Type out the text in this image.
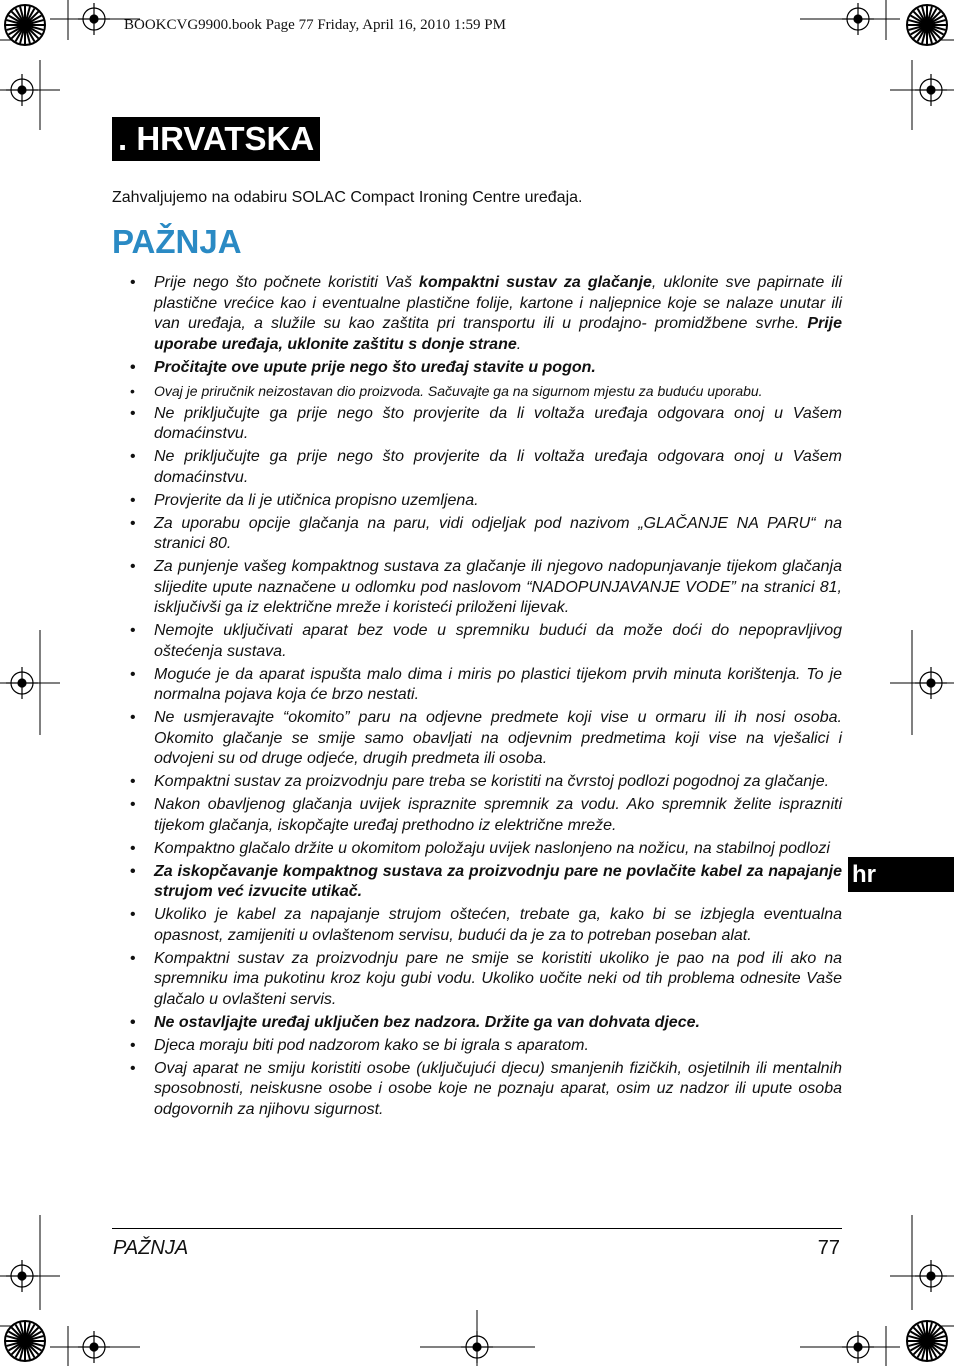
BOOKCVG9900.book Page 77 Friday, April 16, 2010 1:59 PM
. HRVATSKA
Zahvaljujemo na odabiru SOLAC Compact Ironing Centre uređaja.
PAŽNJA
• Prije nego što počnete koristiti Vaš kompaktni sustav za glačanje, uklonite sve papirnate ili plastične vrećice kao i eventualne plastične folije, kartone i naljepnice koje se nalaze unutar ili van uređaja, a služile su kao zaštita pri transportu ili u prodajno- promidžbene svrhe. Prije uporabe uređaja, uklonite zaštitu s donje strane.
• Pročitajte ove upute prije nego što uređaj stavite u pogon.
• Ovaj je priručnik neizostavan dio proizvoda. Sačuvajte ga na sigurnom mjestu za buduću uporabu.
• Ne priključujte ga prije nego što provjerite da li voltaža uređaja odgovara onoj u Vašem domaćinstvu.
• Ne priključujte ga prije nego što provjerite da li voltaža uređaja odgovara onoj u Vašem domaćinstvu.
• Provjerite da li je utičnica propisno uzemljena.
• Za uporabu opcije glačanja na paru, vidi odjeljak pod nazivom „GLAČANJE NA PARU“ na stranici 80.
• Za punjenje vašeg kompaktnog sustava za glačanje ili njegovo nadopunjavanje tijekom glačanja slijedite upute naznačene u odlomku pod naslovom “NADOPUNJAVANJE VODE” na stranici 81, isključivši ga iz električne mreže i koristeći priloženi lijevak.
• Nemojte uključivati aparat bez vode u spremniku budući da može doći do nepopravljivog oštećenja sustava.
• Moguće je da aparat ispušta malo dima i miris po plastici tijekom prvih minuta korištenja. To je normalna pojava koja će brzo nestati.
• Ne usmjeravajte “okomito” paru na odjevne predmete koji vise u ormaru ili ih nosi osoba. Okomito glačanje se smije samo obavljati na odjevnim predmetima koji vise na vješalici i odvojeni su od druge odjeće, drugih predmeta ili osoba.
• Kompaktni sustav za proizvodnju pare treba se koristiti na čvrstoj podlozi pogodnoj za glačanje.
• Nakon obavljenog glačanja uvijek ispraznite spremnik za vodu. Ako spremnik želite isprazniti tijekom glačanja, iskopčajte uređaj prethodno iz električne mreže.
• Kompaktno glačalo držite u okomitom položaju uvijek naslonjeno na nožicu, na stabilnoj podlozi
• Za iskopčavanje kompaktnog sustava za proizvodnju pare ne povlačite kabel za napajanje strujom već izvucite utikač.
• Ukoliko je kabel za napajanje strujom oštećen, trebate ga, kako bi se izbjegla eventualna opasnost, zamijeniti u ovlaštenom servisu, budući da je za to potreban poseban alat.
• Kompaktni sustav za proizvodnju pare ne smije se koristiti ukoliko je pao na pod ili ako na spremniku ima pukotinu kroz koju gubi vodu. Ukoliko uočite neki od tih problema odnesite Vaše glačalo u ovlašteni servis.
• Ne ostavljajte uređaj uključen bez nadzora. Držite ga van dohvata djece.
• Djeca moraju biti pod nadzorom kako se bi igrala s aparatom.
• Ovaj aparat ne smiju koristiti osobe (uključujući djecu) smanjenih fizičkih, osjetilnih ili mentalnih sposobnosti, neiskusne osobe i osobe koje ne poznaju aparat, osim uz nadzor ili upute osoba odgovornih za njihovu sigurnost.
hr
PAŽNJA	77
